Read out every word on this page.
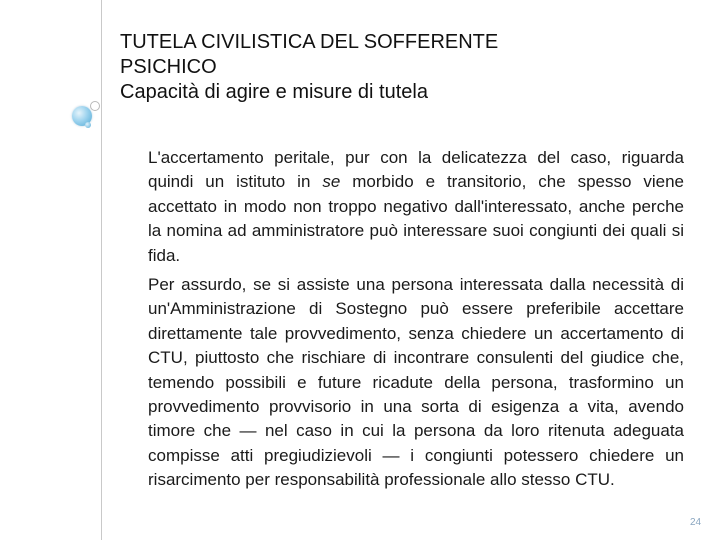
TUTELA CIVILISTICA DEL SOFFERENTE
PSICHICO
Capacità di agire e misure di tutela

L'accertamento peritale, pur con la delicatezza del caso, riguarda quindi un istituto in se morbido e transitorio, che spesso viene accettato in modo non troppo negativo dall'interessato, anche perche la nomina ad amministratore può interessare suoi congiunti dei quali si fida.

Per assurdo, se si assiste una persona interessata dalla necessità di un'Amministrazione di Sostegno può essere preferibile accettare direttamente tale provvedimento, senza chiedere un accertamento di CTU, piuttosto che rischiare di incontrare consulenti del giudice che, temendo possibili e future ricadute della persona, trasformino un provvedimento provvisorio in una sorta di esigenza a vita, avendo timore che — nel caso in cui la persona da loro ritenuta adeguata compisse atti pregiudizievoli — i congiunti potessero chiedere un risarcimento per responsabilità professionale allo stesso CTU.

24
